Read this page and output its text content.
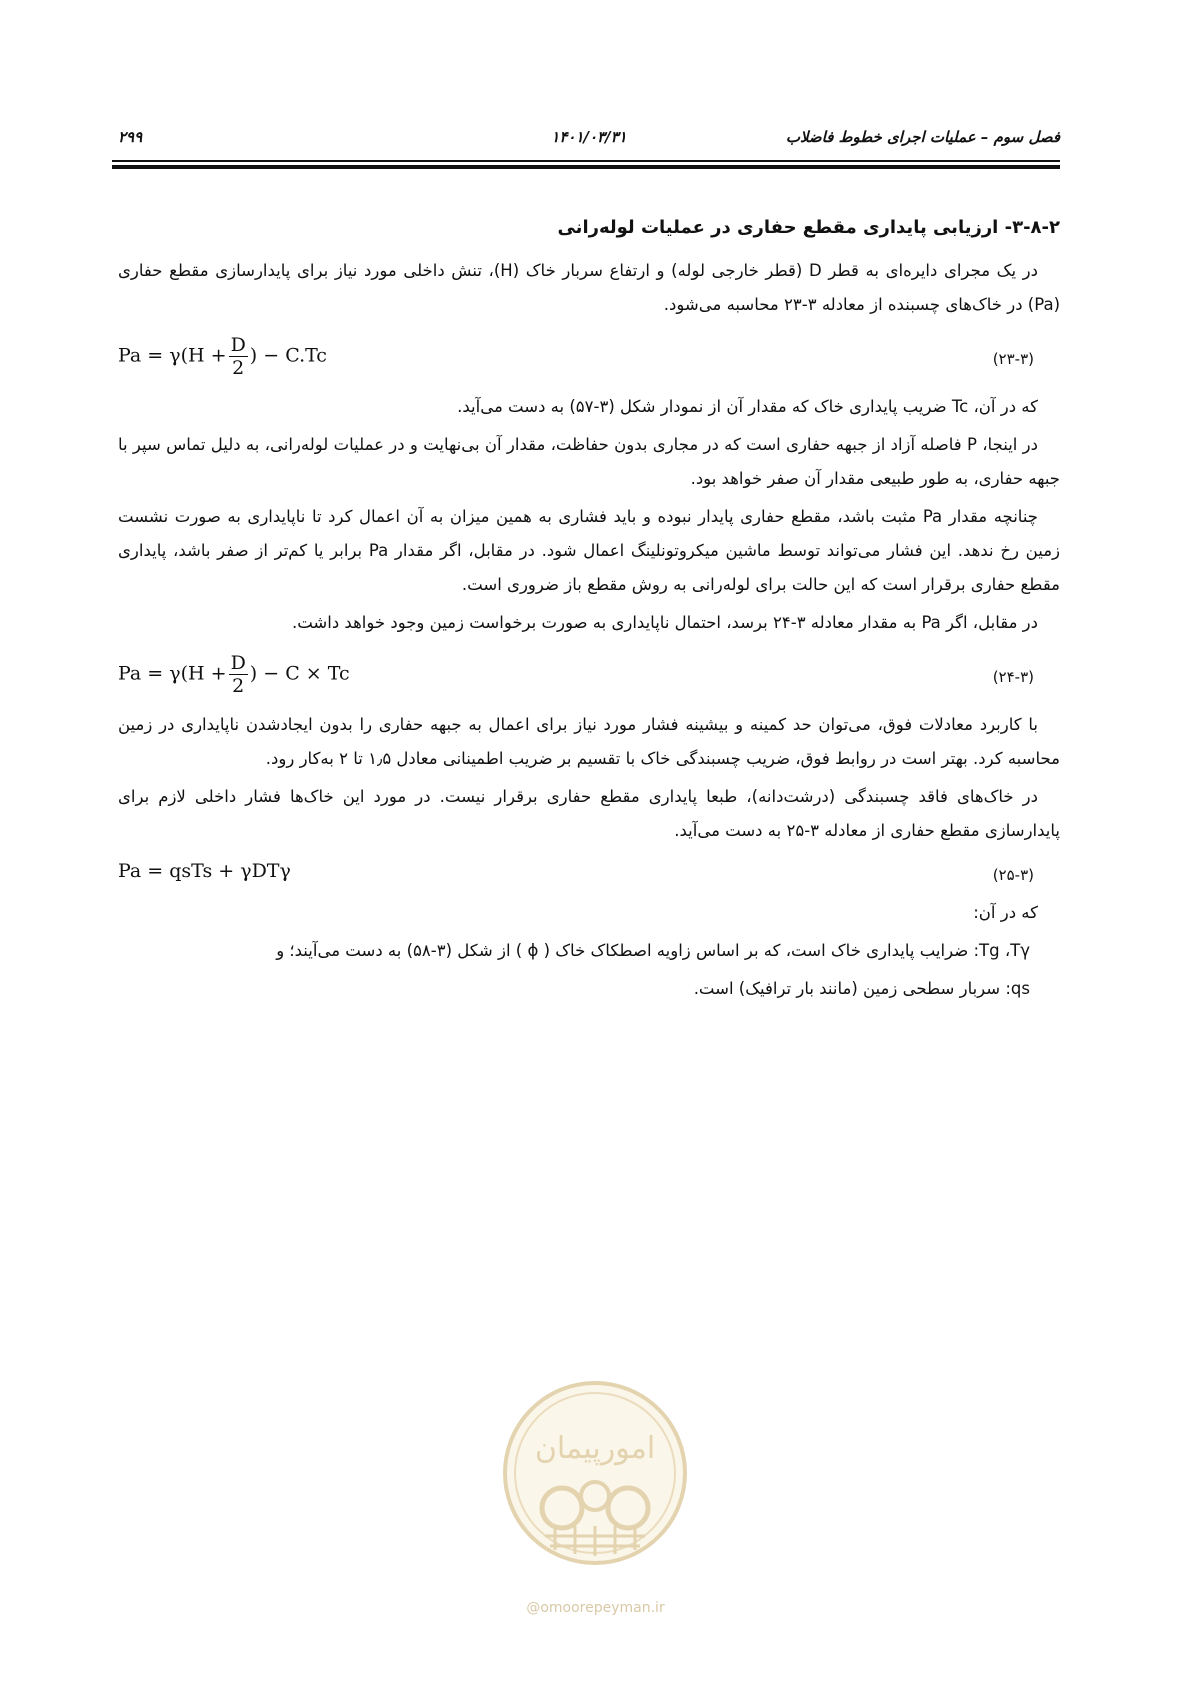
فصل سوم – عملیات اجرای خطوط فاضلاب
۱۴۰۱/۰۳/۳۱
۲۹۹
۳-۸-۲- ارزیابی پایداری مقطع حفاری در عملیات لوله‌رانی

در یک مجرای دایره‌ای به قطر D (قطر خارجی لوله) و ارتفاع سربار خاک (H)، تنش داخلی مورد نیاز برای پایدارسازی مقطع حفاری (Pa) در خاک‌های چسبنده از معادله ۳-۲۳ محاسبه می‌شود.

$Pa = \gamma(H + \frac{D}{2}$ ) − C.Tc	(۲۳-۳)

که در آن، Tc ضریب پایداری خاک که مقدار آن از نمودار شکل (۳-۵۷) به دست می‌آید.

در اینجا، P فاصله آزاد از جبهه حفاری است که در مجاری بدون حفاظت، مقدار آن بی‌نهایت و در عملیات لوله‌رانی، به دلیل تماس سپر با جبهه حفاری، به طور طبیعی مقدار آن صفر خواهد بود.

چنانچه مقدار Pa مثبت باشد، مقطع حفاری پایدار نبوده و باید فشاری به همین میزان به آن اعمال کرد تا ناپایداری به صورت نشست زمین رخ ندهد. این فشار می‌تواند توسط ماشین میکروتونلینگ اعمال شود. در مقابل، اگر مقدار Pa برابر یا کم‌تر از صفر باشد، پایداری مقطع حفاری برقرار است که این حالت برای لوله‌رانی به روش مقطع باز ضروری است.

در مقابل، اگر Pa به مقدار معادله ۳-۲۴ برسد، احتمال ناپایداری به صورت برخواست زمین وجود خواهد داشت.

$Pa = \gamma(H + \frac{D}{2}$ ) − C × Tc	(۲۴-۳)

با کاربرد معادلات فوق، می‌توان حد کمینه و بیشینه فشار مورد نیاز برای اعمال به جبهه حفاری را بدون ایجادشدن ناپایداری در زمین محاسبه کرد. بهتر است در روابط فوق، ضریب چسبندگی خاک با تقسیم بر ضریب اطمینانی معادل ۱٫۵ تا ۲ به‌کار رود.

در خاک‌های فاقد چسبندگی (درشت‌دانه)، طبعا پایداری مقطع حفاری برقرار نیست. در مورد این خاک‌ها فشار داخلی لازم برای پایدارسازی مقطع حفاری از معادله ۳-۲۵ به دست می‌آید.

Pa = qsTs + γDTγ	(۲۵-۳)

که در آن:

Tg ،Tγ: ضرایب پایداری خاک است، که بر اساس زاویه اصطکاک خاک ( ϕ ) از شکل (۳-۵۸) به دست می‌آیند؛ و

qs: سربار سطحی زمین (مانند بار ترافیک) است.

امورپیمان
@omoorepeyman.ir
